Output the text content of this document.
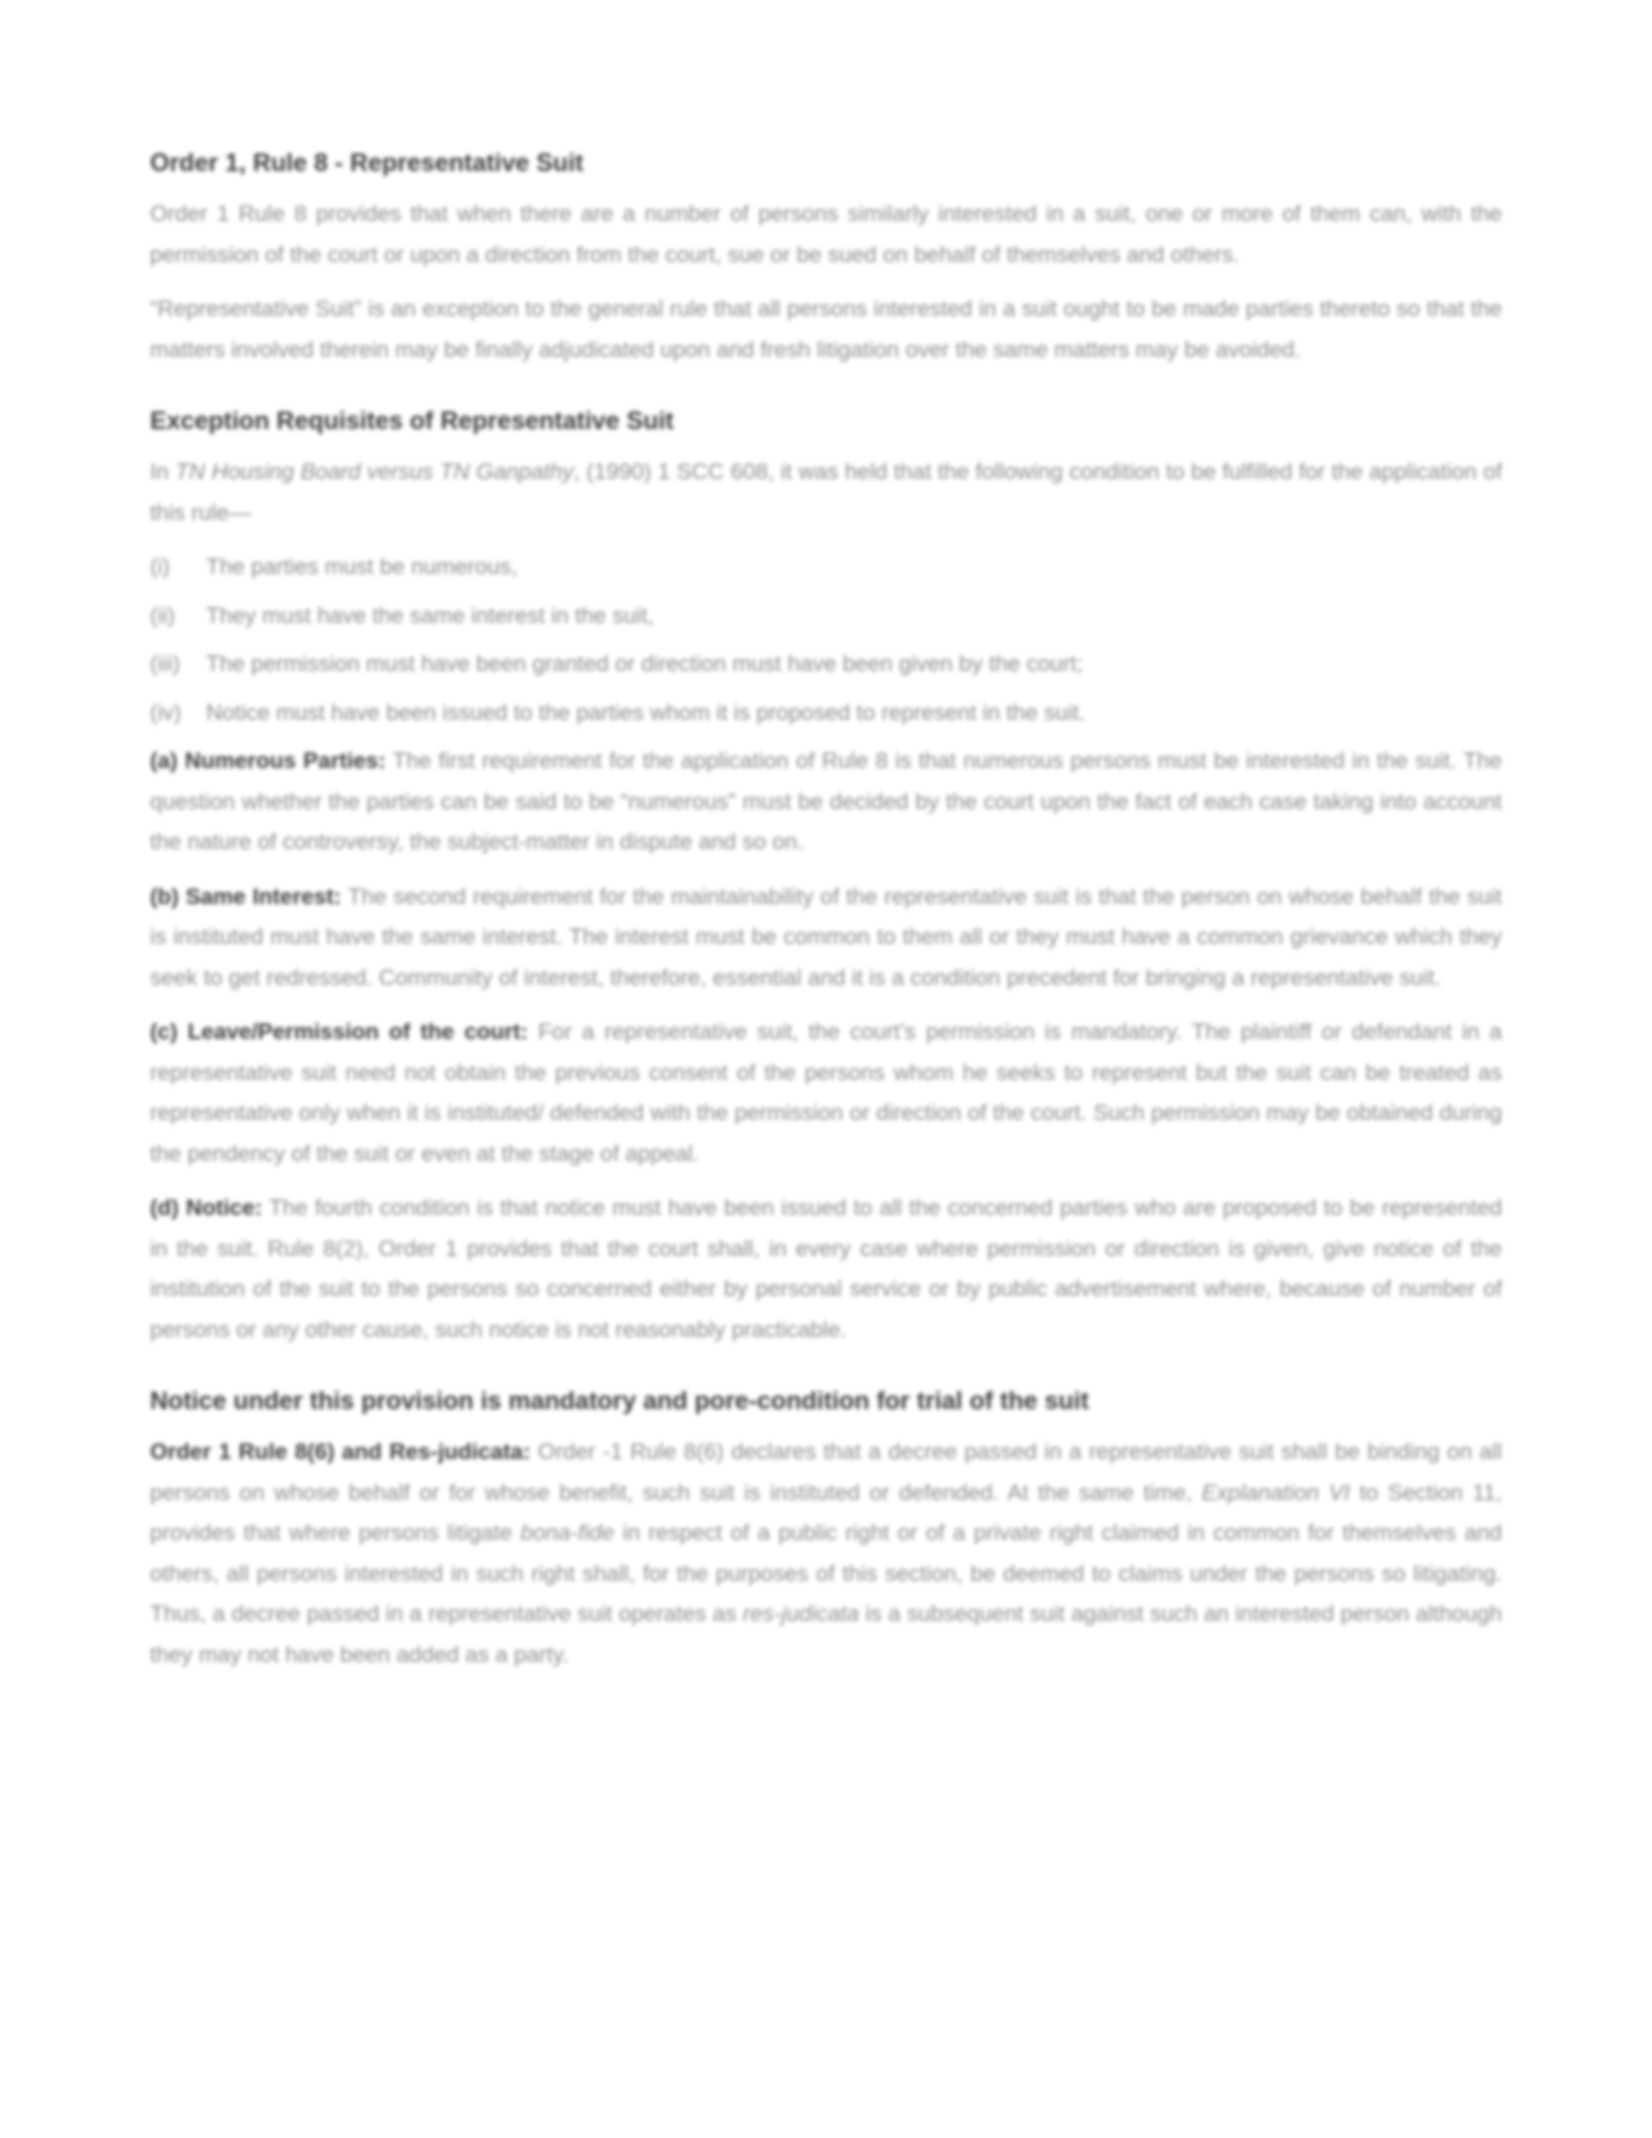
Order 1, Rule 8 - Representative Suit

Order 1 Rule 8 provides that when there are a number of persons similarly interested in a suit, one or more of them can, with the permission of the court or upon a direction from the court, sue or be sued on behalf of themselves and others.

“Representative Suit” is an exception to the general rule that all persons interested in a suit ought to be made parties thereto so that the matters involved therein may be finally adjudicated upon and fresh litigation over the same matters may be avoided.

Exception Requisites of Representative Suit

In TN Housing Board versus TN Ganpathy, (1990) 1 SCC 608, it was held that the following condition to be fulfilled for the application of this rule—

(i)	The parties must be numerous,
(ii)	They must have the same interest in the suit,
(iii)	The permission must have been granted or direction must have been given by the court;
(iv)	Notice must have been issued to the parties whom it is proposed to represent in the suit.

(a) Numerous Parties: The first requirement for the application of Rule 8 is that numerous persons must be interested in the suit. The question whether the parties can be said to be “numerous” must be decided by the court upon the fact of each case taking into account the nature of controversy, the subject-matter in dispute and so on.

(b) Same Interest: The second requirement for the maintainability of the representative suit is that the person on whose behalf the suit is instituted must have the same interest. The interest must be common to them all or they must have a common grievance which they seek to get redressed. Community of interest, therefore, essential and it is a condition precedent for bringing a representative suit.

(c) Leave/Permission of the court: For a representative suit, the court’s permission is mandatory. The plaintiff or defendant in a representative suit need not obtain the previous consent of the persons whom he seeks to represent but the suit can be treated as representative only when it is instituted/ defended with the permission or direction of the court. Such permission may be obtained during the pendency of the suit or even at the stage of appeal.

(d) Notice: The fourth condition is that notice must have been issued to all the concerned parties who are proposed to be represented in the suit. Rule 8(2), Order 1 provides that the court shall, in every case where permission or direction is given, give notice of the institution of the suit to the persons so concerned either by personal service or by public advertisement where, because of number of persons or any other cause, such notice is not reasonably practicable.

Notice under this provision is mandatory and pore-condition for trial of the suit

Order 1 Rule 8(6) and Res-judicata: Order -1 Rule 8(6) declares that a decree passed in a representative suit shall be binding on all persons on whose behalf or for whose benefit, such suit is instituted or defended. At the same time, Explanation VI to Section 11, provides that where persons litigate bona-fide in respect of a public right or of a private right claimed in common for themselves and others, all persons interested in such right shall, for the purposes of this section, be deemed to claims under the persons so litigating. Thus, a decree passed in a representative suit operates as res-judicata is a subsequent suit against such an interested person although they may not have been added as a party.
